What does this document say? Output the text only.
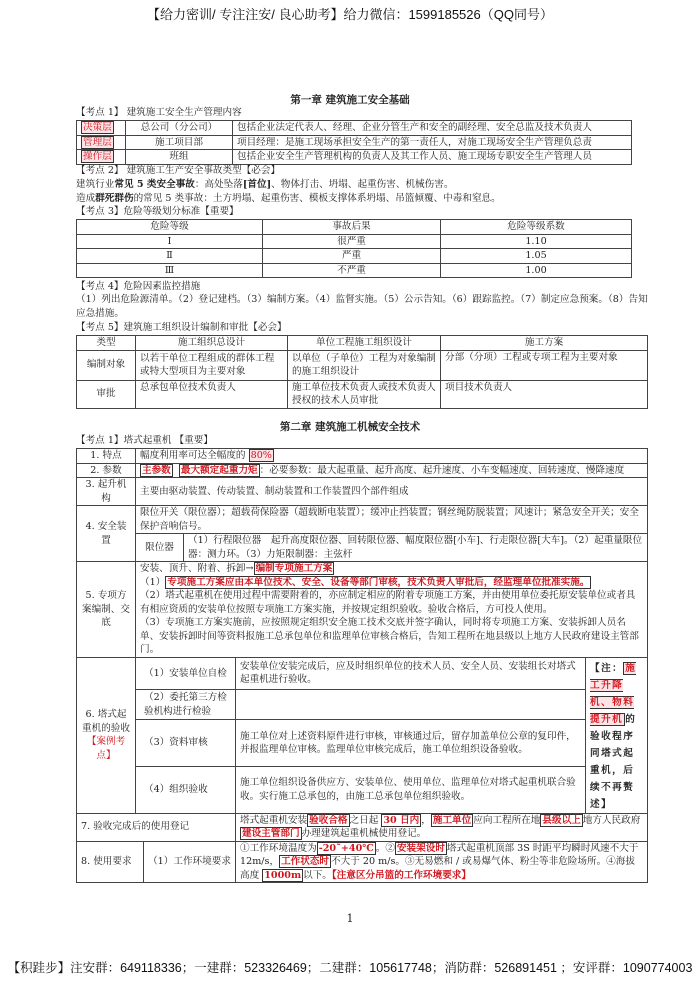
【给力密训/ 专注注安/ 良心助考】给力微信：1599185526（QQ同号）
第一章 建筑施工安全基础
【考点 1】 建筑施工安全生产管理内容
决策层	总公司（分公司）	包括企业法定代表人、经理、企业分管生产和安全的副经理、安全总监及技术负责人
管理层	施工项目部	项目经理：是施工现场承担安全生产的第一责任人，对施工现场安全生产管理负总责
操作层	班组	包括企业安全生产管理机构的负责人及其工作人员、施工现场专职安全生产管理人员
【考点 2】 建筑施工生产安全事故类型【必会】
建筑行业常见 5 类安全事故：高处坠落[首位]、物体打击、坍塌、起重伤害、机械伤害。
造成群死群伤的常见 5 类事故：土方坍塌、起重伤害、模板支撑体系坍塌、吊篮倾覆、中毒和窒息。
【考点 3】危险等级划分标准【重要】
危险等级	事故后果	危险等级系数
Ⅰ	很严重	1.10
Ⅱ	严重	1.05
Ⅲ	不严重	1.00
【考点 4】危险因素监控措施
（1）列出危险源清单。（2）登记建档。（3）编制方案。（4）监督实施。（5）公示告知。（6）跟踪监控。（7）制定应急预案。（8）告知应急措施。
【考点 5】建筑施工组织设计编制和审批【必会】
类型	施工组织总设计	单位工程施工组织设计	施工方案
编制对象	以若干单位工程组成的群体工程或特大型项目为主要对象	以单位（子单位）工程为对象编制的施工组织设计	分部（分项）工程或专项工程为主要对象
审批	总承包单位技术负责人	施工单位技术负责人或技术负责人授权的技术人员审批	项目技术负责人
第二章 建筑施工机械安全技术
【考点 1】塔式起重机 【重要】
1. 特点	幅度利用率可达全幅度的 80%				
2. 参数	主参数 最大额定起重力矩 ：必要参数：最大起重量、起升高度、起升速度、小车变幅速度、回转速度、慢降速度				
3. 起升机构	主要由驱动装置、传动装置、制动装置和工作装置四个部件组成				
4. 安全装置	限位开关（限位器）；超载荷保险器（超载断电装置）；缓冲止挡装置；钢丝绳防脱装置；风速计；紧急安全开关；安全保护音响信号。				
	限位器		（1）行程限位器　起升高度限位器、回转限位器、幅度限位器[小车]、行走限位器[大车]。（2）起重量限位器：测力环。（3）力矩限制器：主弦杆		
5. 专项方案编制、交底	安装、顶升、附着、拆卸→ 编制专项施工方案
（1） 专项施工方案应由本单位技术、安全、设备等部门审核，技术负责人审批后，经监理单位批准实施。
（2）塔式起重机在使用过程中需要附着的，亦应制定相应的附着专项施工方案，并由使用单位委托原安装单位或者具有相应资质的安装单位按照专项施工方案实施，并按规定组织验收。验收合格后，方可投人使用。
（3）专项施工方案实施前，应按照规定组织安全施工技术交底并签字确认，同时将专项施工方案、安装拆卸人员名单、安装拆卸时间等资料报施工总承包单位和监理单位审核合格后，告知工程所在地县级以上地方人民政府建设主管部门。				

6. 塔式起重机的验收
【案例考点】	（1）安装单位自检			安装单位安装完成后，应及时组织单位的技术人员、安全人员、安装组长对塔式起重机进行验收。	【注： 施工升降机、物料提升机 的验收程序同塔式起重机，后续不再赘述】
	（2）委托第三方检验机构进行检验				
	（3）资料审核			施工单位对上述资料原件进行审核，审核通过后，留存加盖单位公章的复印件，并报监理单位审核。监理单位审核完成后，施工单位组织设备验收。	
	（4）组织验收			施工单位组织设备供应方、安装单位、使用单位、监理单位对塔式起重机联合验收。实行施工总承包的，由施工总承包单位组织验收。	
7. 验收完成后的使用登记				塔式起重机安装 验收合格 之日起 30 日内 ， 施工单位 应向工程所在地 县级以上 地方人民政府建设主管部门 办理建筑起重机械使用登记。	
8. 使用要求		（1）工作环境要求		①工作环境温度为 -20˜+40℃ 。② 安装架设时 塔式起重机顶部 3S 时距平均瞬时风速不大于 12m/s， 工作状态时 不大于 20 m/s。③无易燃和 / 或易爆气体、粉尘等非危险场所。④海拔高度 1000m 以下。【注意区分吊篮的工作环境要求】	
1
【积跬步】注安群：649118336；一建群：523326469；二建群：105617748；消防群：526891451 ；安评群：1090774003
